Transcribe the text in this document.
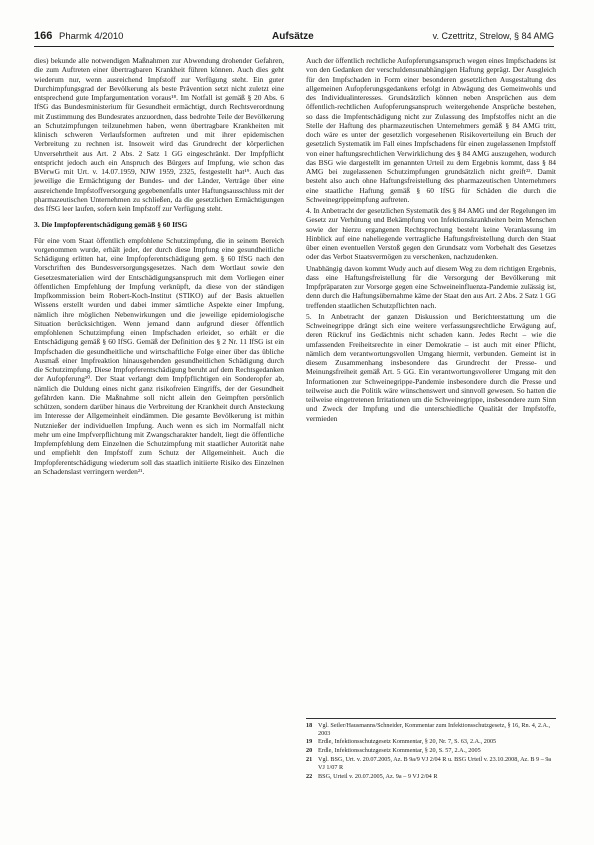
166 Pharmk 4/2010	Aufsätze	v. Czettritz, Strelow, § 84 AMG

dies) bekunde alle notwendigen Maßnahmen zur Abwendung drohender Gefahren, die zum Auftreten einer übertragbaren Krankheit führen können. Auch dies geht wiederum nur, wenn ausreichend Impfstoff zur Verfügung steht. Ein guter Durchimpfungsgrad der Bevölkerung als beste Prävention setzt nicht zuletzt eine entsprechend gute Impfargumentation voraus¹⁸. Im Notfall ist gemäß § 20 Abs. 6 IfSG das Bundesministerium für Gesundheit ermächtigt, durch Rechtsverordnung mit Zustimmung des Bundesrates anzuordnen, dass bedrohte Teile der Bevölkerung an Schutzimpfungen teilzunehmen haben, wenn übertragbare Krankheiten mit klinisch schweren Verlaufsformen auftreten und mit ihrer epidemischen Verbreitung zu rechnen ist. Insoweit wird das Grundrecht der körperlichen Unversehrtheit aus Art. 2 Abs. 2 Satz 1 GG eingeschränkt. Der Impfpflicht entspricht jedoch auch ein Anspruch des Bürgers auf Impfung, wie schon das BVerwG mit Urt. v. 14.07.1959, NJW 1959, 2325, festgestellt hat¹⁹. Auch das jeweilige die Ermächtigung der Bundes- und der Länder, Verträge über eine ausreichende Impfstoffversorgung gegebenenfalls unter Haftungsausschluss mit der pharmazeutischen Unternehmen zu schließen, da die gesetzlichen Ermächtigungen des IfSG leer laufen, sofern kein Impfstoff zur Verfügung steht.

3. Die Impfopferentschädigung gemäß § 60 IfSG

Für eine vom Staat öffentlich empfohlene Schutzimpfung, die in seinem Bereich vorgenommen wurde, erhält jeder, der durch diese Impfung eine gesundheitliche Schädigung erlitten hat, eine Impfopferentschädigung gem. § 60 IfSG nach den Vorschriften des Bundesversorgungsgesetzes. Nach dem Wortlaut sowie den Gesetzesmaterialien wird der Entschädigungsanspruch mit dem Vorliegen einer öffentlichen Empfehlung der Impfung verknüpft, da diese von der ständigen Impfkommission beim Robert-Koch-Institut (STIKO) auf der Basis aktuellen Wissens erstellt wurden und dabei immer sämtliche Aspekte einer Impfung, nämlich ihre möglichen Nebenwirkungen und die jeweilige epidemiologische Situation berücksichtigen. Wenn jemand dann aufgrund dieser öffentlich empfohlenen Schutzimpfung einen Impfschaden erleidet, so erhält er die Entschädigung gemäß § 60 IfSG. Gemäß der Definition des § 2 Nr. 11 IfSG ist ein Impfschaden die gesundheitliche und wirtschaftliche Folge einer über das übliche Ausmaß einer Impfreaktion hinausgehenden gesundheitlichen Schädigung durch die Schutzimpfung. Diese Impfopferentschädigung beruht auf dem Rechtsgedanken der Aufopferung²⁰. Der Staat verlangt dem Impfpflichtigen ein Sonderopfer ab, nämlich die Duldung eines nicht ganz risikofreien Eingriffs, der der Gesundheit gefährden kann. Die Maßnahme soll nicht allein den Geimpften persönlich schützen, sondern darüber hinaus die Verbreitung der Krankheit durch Ansteckung im Interesse der Allgemeinheit eindämmen. Die gesamte Bevölkerung ist mithin Nutznießer der individuellen Impfung. Auch wenn es sich im Normalfall nicht mehr um eine Impfverpflichtung mit Zwangscharakter handelt, liegt die öffentliche Impfempfehlung dem Einzelnen die Schutzimpfung mit staatlicher Autorität nahe und empfiehlt den Impfstoff zum Schutz der Allgemeinheit. Auch die Impfopferentschädigung wiederum soll das staatlich initiierte Risiko des Einzelnen an Schadenslast verringern werden²¹.

Auch der öffentlich rechtliche Aufopferungsanspruch wegen eines Impfschadens ist von den Gedanken der verschuldensunabhängigen Haftung geprägt. Der Ausgleich für den Impfschaden in Form einer besonderen gesetzlichen Ausgestaltung des allgemeinen Aufopferungsgedankens erfolgt in Abwägung des Gemeinwohls und des Individualinteresses. Grundsätzlich können neben Ansprüchen aus dem öffentlich-rechtlichen Aufopferungsanspruch weitergehende Ansprüche bestehen, so dass die Impfentschädigung nicht zur Zulassung des Impfstoffes nicht an die Stelle der Haftung des pharmazeutischen Unternehmers gemäß § 84 AMG tritt, doch wäre es unter der gesetzlich vorgesehenen Risikoverteilung ein Bruch der gesetzlich Systematik im Fall eines Impfschadens für einen zugelassenen Impfstoff von einer haftungsrechtlichen Verwirklichung des § 84 AMG auszugehen, wodurch das BSG wie dargestellt im genannten Urteil zu dem Ergebnis kommt, dass § 84 AMG bei zugelassenen Schutzimpfungen grundsätzlich nicht greift²². Damit besteht also auch ohne Haftungsfreistellung des pharmazeutischen Unternehmers eine staatliche Haftung gemäß § 60 IfSG für Schäden die durch die Schweinegrippeimpfung auftreten.

4. In Anbetracht der gesetzlichen Systematik des § 84 AMG und der Regelungen im Gesetz zur Verhütung und Bekämpfung von Infektionskrankheiten beim Menschen sowie der hierzu ergangenen Rechtsprechung besteht keine Veranlassung im Hinblick auf eine naheliegende vertragliche Haftungsfreistellung durch den Staat über einen eventuellen Verstoß gegen den Grundsatz vom Vorbehalt des Gesetzes oder das Verbot Staatsvermögen zu verschenken, nachzudenken.

Unabhängig davon kommt Wudy auch auf diesem Weg zu dem richtigen Ergebnis, dass eine Haftungsfreistellung für die Versorgung der Bevölkerung mit Impfpräparaten zur Vorsorge gegen eine Schweineinfluenza-Pandemie zulässig ist, denn durch die Haftungsübernahme käme der Staat den aus Art. 2 Abs. 2 Satz 1 GG treffenden staatlichen Schutzpflichten nach.

5. In Anbetracht der ganzen Diskussion und Berichterstattung um die Schweinegrippe drängt sich eine weitere verfassungsrechtliche Erwägung auf, deren Rückruf ins Gedächtnis nicht schaden kann. Jedes Recht – wie die umfassenden Freiheitsrechte in einer Demokratie – ist auch mit einer Pflicht, nämlich dem verantwortungsvollen Umgang hiermit, verbunden. Gemeint ist in diesem Zusammenhang insbesondere das Grundrecht der Presse- und Meinungsfreiheit gemäß Art. 5 GG. Ein verantwortungsvollerer Umgang mit den Informationen zur Schweinegrippe-Pandemie insbesondere durch die Presse und teilweise auch die Politik wäre wünschenswert und sinnvoll gewesen. So hatten die teilweise eingetretenen Irritationen um die Schweinegrippe, insbesondere zum Sinn und Zweck der Impfung und die unterschiedliche Qualität der Impfstoffe, vermieden

18 Vgl. Seiler/Hausmanns/Schneider, Kommentar zum Infektionsschutzgesetz, § 16, Rn. 4, 2.A., 2003
19 Erdle, Infektionsschutzgesetz Kommentar, § 20, Nr. 7, S. 63, 2.A., 2005
20 Erdle, Infektionsschutzgesetz Kommentar, § 20, S. 57, 2.A., 2005
21 Vgl. BSG, Urt. v. 20.07.2005, Az. B 9a/9 VJ 2/04 R u. BSG Urteil v. 23.10.2008, Az. B 9 – 9a VJ 1/07 R
22 BSG, Urteil v. 20.07.2005, Az. 9a – 9 VJ 2/04 R
